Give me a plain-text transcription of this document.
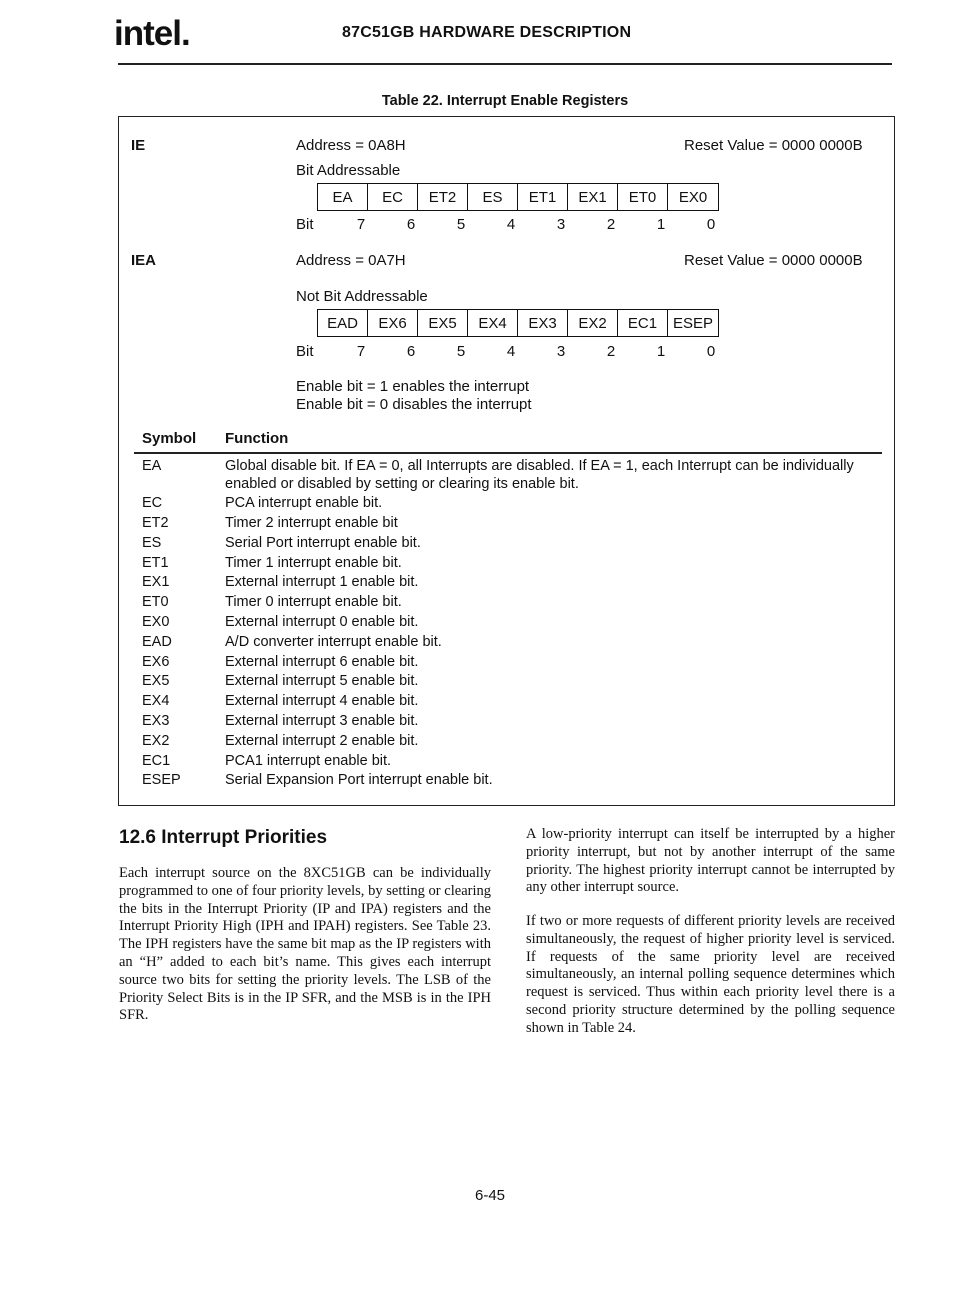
intel.	87C51GB HARDWARE DESCRIPTION
Table 22. Interrupt Enable Registers
IE	Address = 0A8H	Reset Value = 0000 0000B
Bit Addressable
EA	EC	ET2	ES	ET1	EX1	ET0	EX0
Bit	7	6	5	4	3	2	1	0
IEA	Address = 0A7H	Reset Value = 0000 0000B
Not Bit Addressable
EAD	EX6	EX5	EX4	EX3	EX2	EC1	ESEP
Bit	7	6	5	4	3	2	1	0
Enable bit = 1 enables the interrupt
Enable bit = 0 disables the interrupt
Symbol Function
EA	Global disable bit. If EA = 0, all Interrupts are disabled. If EA = 1, each Interrupt can be individually enabled or disabled by setting or clearing its enable bit.
EC	PCA interrupt enable bit.
ET2	Timer 2 interrupt enable bit
ES	Serial Port interrupt enable bit.
ET1	Timer 1 interrupt enable bit.
EX1	External interrupt 1 enable bit.
ET0	Timer 0 interrupt enable bit.
EX0	External interrupt 0 enable bit.
EAD	A/D converter interrupt enable bit.
EX6	External interrupt 6 enable bit.
EX5	External interrupt 5 enable bit.
EX4	External interrupt 4 enable bit.
EX3	External interrupt 3 enable bit.
EX2	External interrupt 2 enable bit.
EC1	PCA1 interrupt enable bit.
ESEP	Serial Expansion Port interrupt enable bit.
12.6 Interrupt Priorities

Each interrupt source on the 8XC51GB can be individually programmed to one of four priority levels, by setting or clearing the bits in the Interrupt Priority (IP and IPA) registers and the Interrupt Priority High (IPH and IPAH) registers. See Table 23. The IPH registers have the same bit map as the IP registers with an “H” added to each bit’s name. This gives each interrupt source two bits for setting the priority levels. The LSB of the Priority Select Bits is in the IP SFR, and the MSB is in the IPH SFR.

A low-priority interrupt can itself be interrupted by a higher priority interrupt, but not by another interrupt of the same priority. The highest priority interrupt cannot be interrupted by any other interrupt source.

If two or more requests of different priority levels are received simultaneously, the request of higher priority level is serviced. If requests of the same priority level are received simultaneously, an internal polling sequence determines which request is serviced. Thus within each priority level there is a second priority structure determined by the polling sequence shown in Table 24.

6-45
